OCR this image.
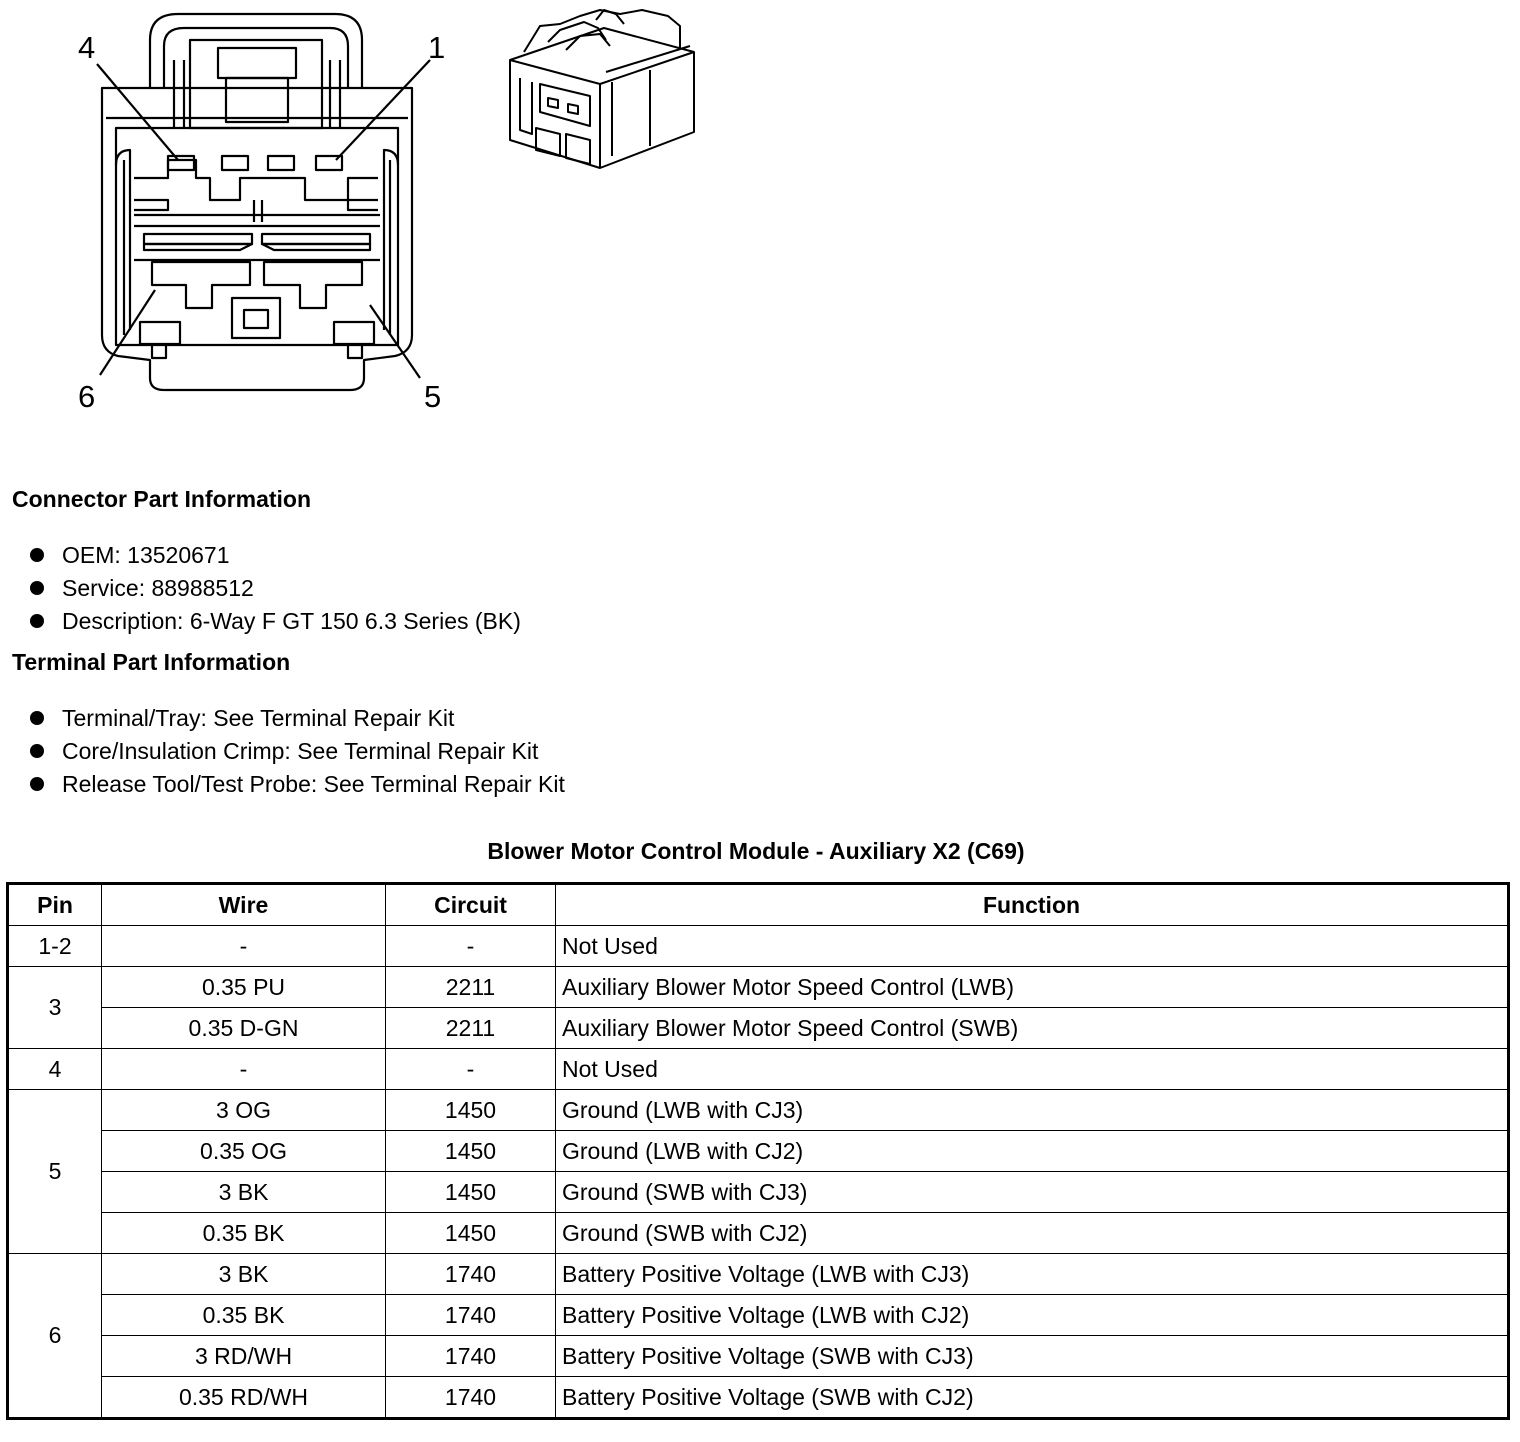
4	1
6	5
Connector Part Information
OEM: 13520671
Service: 88988512
Description: 6-Way F GT 150 6.3 Series (BK)
Terminal Part Information
Terminal/Tray: See Terminal Repair Kit
Core/Insulation Crimp: See Terminal Repair Kit
Release Tool/Test Probe: See Terminal Repair Kit
Blower Motor Control Module - Auxiliary X2 (C69)
Pin	Wire	Circuit	Function
1-2	-	-	Not Used
3	0.35 PU	2211	Auxiliary Blower Motor Speed Control (LWB)
	0.35 D-GN	2211	Auxiliary Blower Motor Speed Control (SWB)
4	-	-	Not Used
5	3 OG	1450	Ground (LWB with CJ3)
	0.35 OG	1450	Ground (LWB with CJ2)
	3 BK	1450	Ground (SWB with CJ3)
	0.35 BK	1450	Ground (SWB with CJ2)
6	3 BK	1740	Battery Positive Voltage (LWB with CJ3)
	0.35 BK	1740	Battery Positive Voltage (LWB with CJ2)
	3 RD/WH	1740	Battery Positive Voltage (SWB with CJ3)
	0.35 RD/WH	1740	Battery Positive Voltage (SWB with CJ2)
